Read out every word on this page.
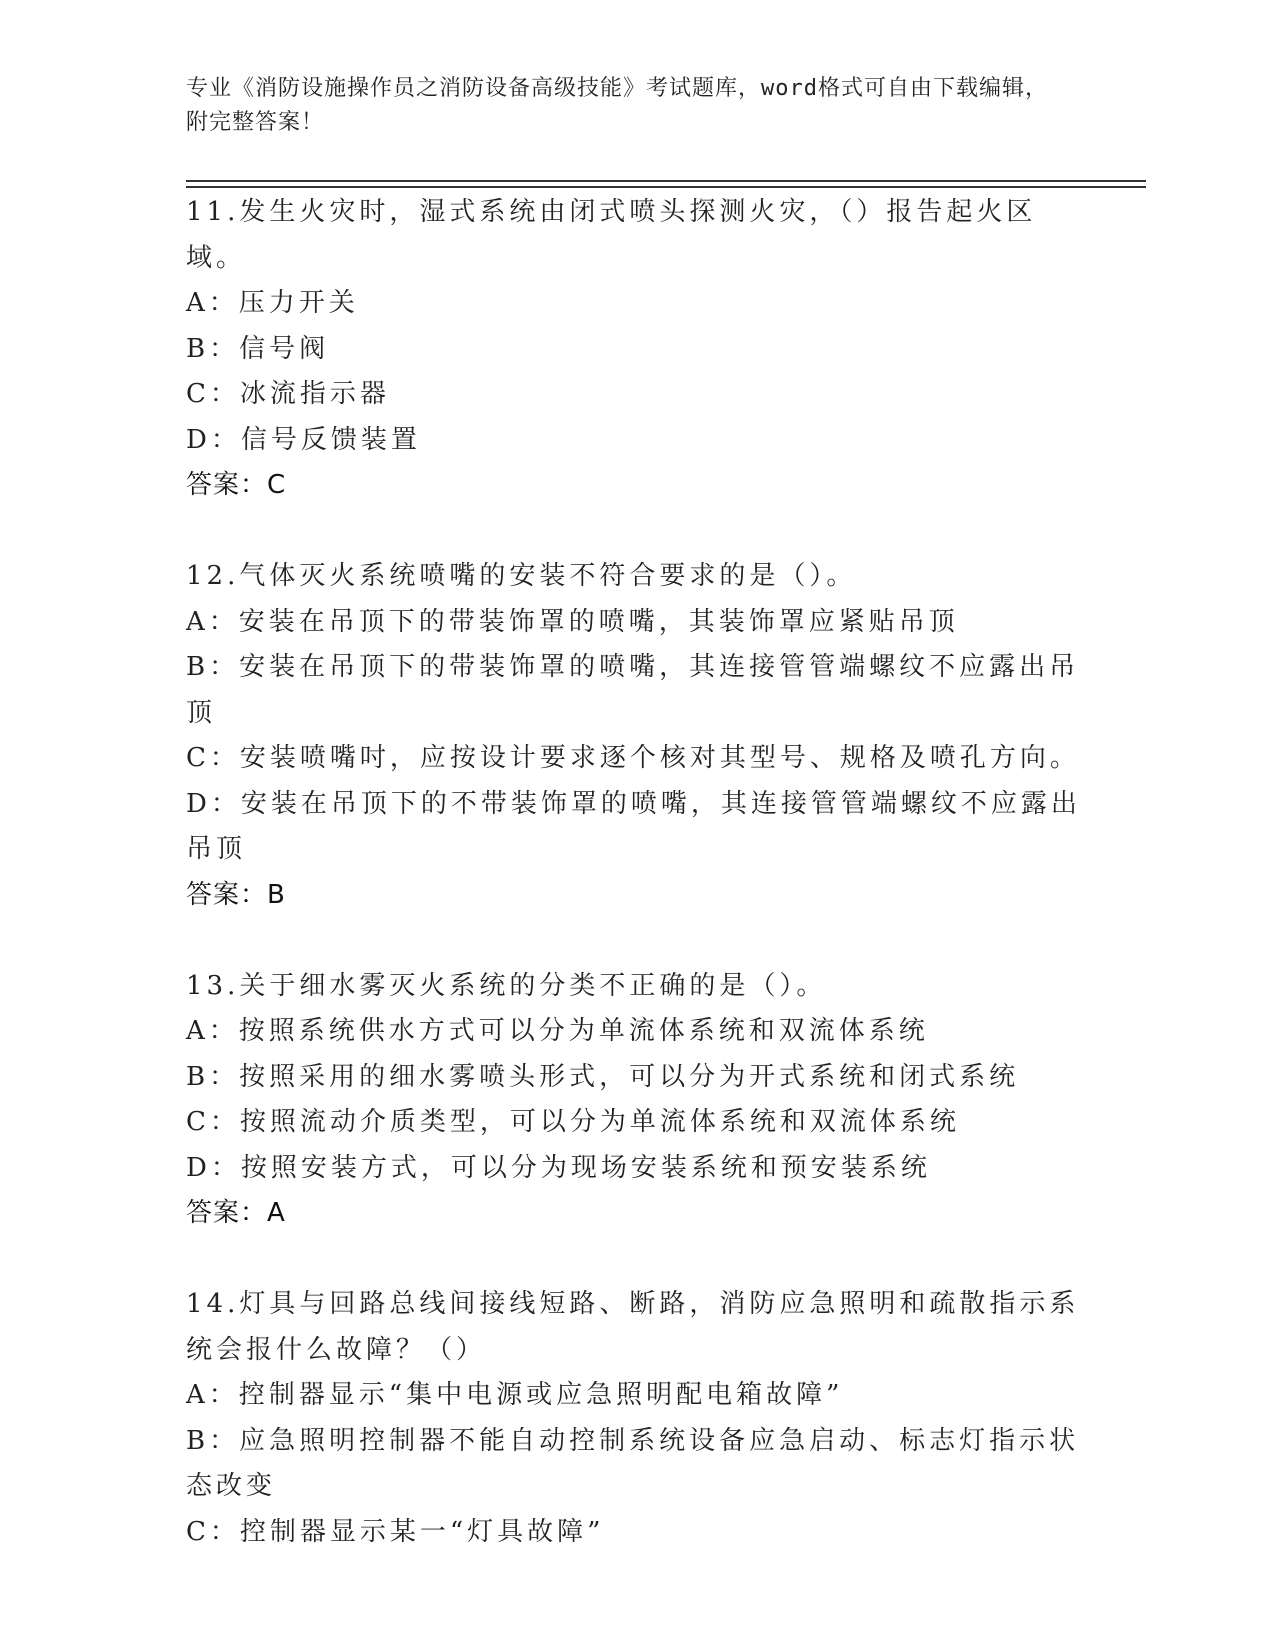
专业《消防设施操作员之消防设备高级技能》考试题库，word格式可自由下载编辑，附完整答案！

11.发生火灾时，湿式系统由闭式喷头探测火灾，（）报告起火区域。

A：压力开关

B：信号阀

C：冰流指示器

D：信号反馈装置

答案：C

12.气体灭火系统喷嘴的安装不符合要求的是（）。

A：安装在吊顶下的带装饰罩的喷嘴，其装饰罩应紧贴吊顶

B：安装在吊顶下的带装饰罩的喷嘴，其连接管管端螺纹不应露出吊顶

C：安装喷嘴吋，应按设计要求逐个核对其型号、规格及喷孔方向。

D：安装在吊顶下的不带装饰罩的喷嘴，其连接管管端螺纹不应露出吊顶

答案：B

13.关于细水雾灭火系统的分类不正确的是（）。

A：按照系统供水方式可以分为单流体系统和双流体系统

B：按照采用的细水雾喷头形式，可以分为开式系统和闭式系统

C：按照流动介质类型，可以分为单流体系统和双流体系统

D：按照安装方式，可以分为现场安装系统和预安装系统

答案：A

14.灯具与回路总线间接线短路、断路，消防应急照明和疏散指示系统会报什么故障？（）

A：控制器显示“集中电源或应急照明配电箱故障”

B：应急照明控制器不能自动控制系统设备应急启动、标志灯指示状态改变

C：控制器显示某一“灯具故障”
